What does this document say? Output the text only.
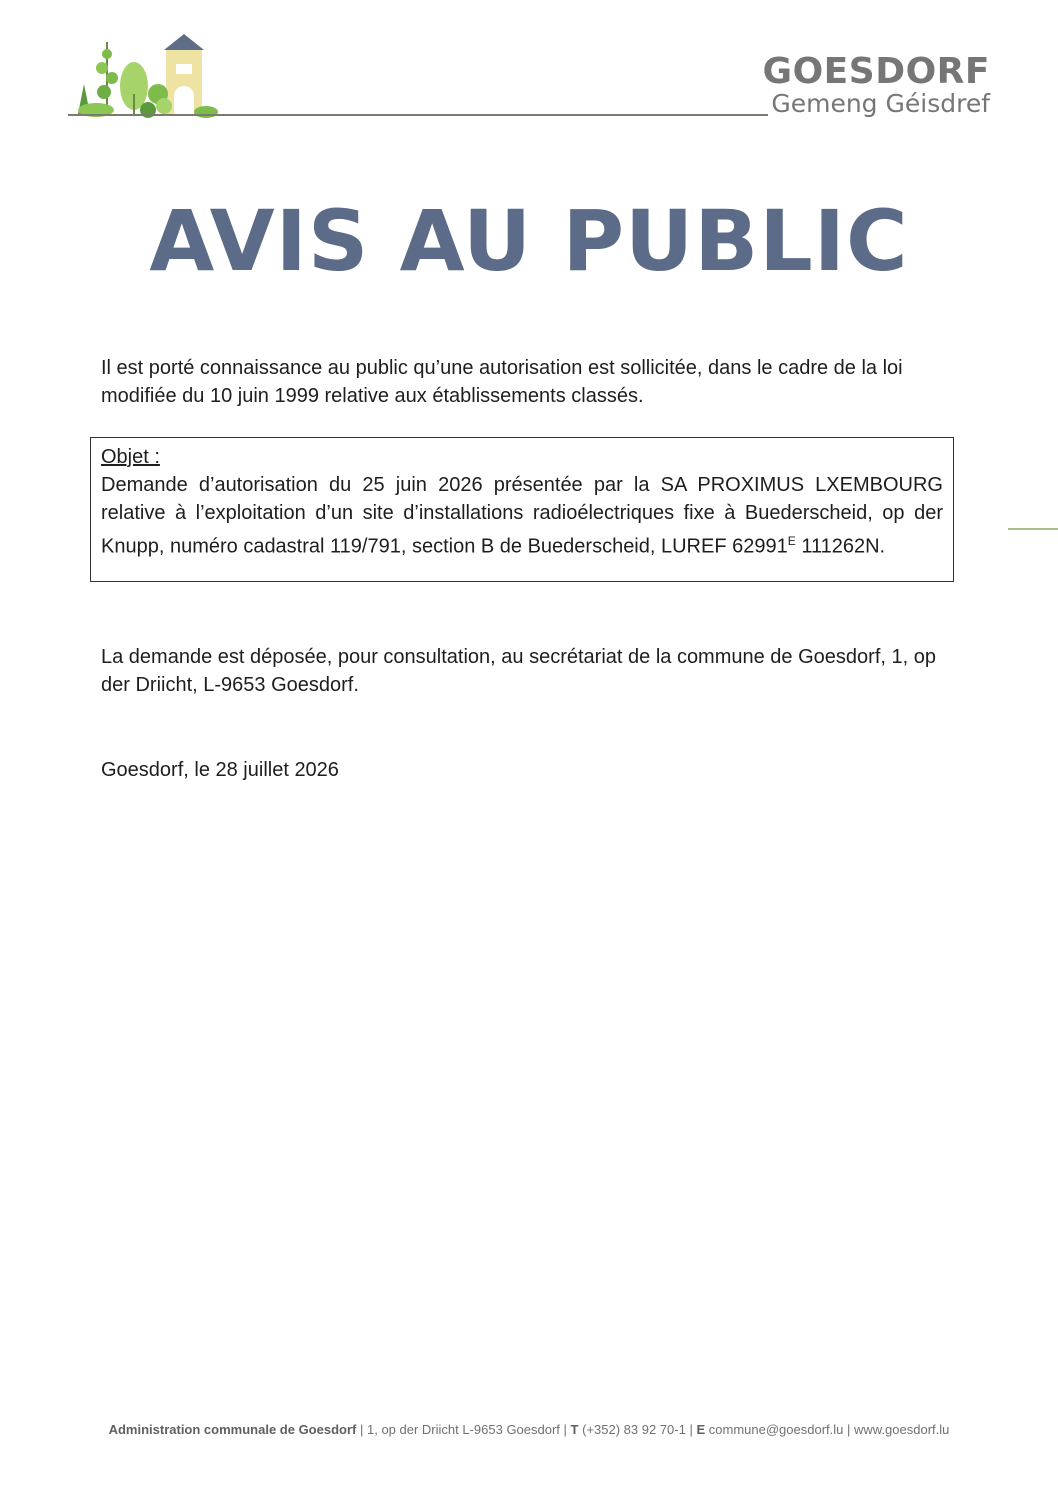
GOESDORF
Gemeng Géisdref
AVIS AU PUBLIC
Il est porté connaissance au public qu’une autorisation est sollicitée, dans le cadre de la loi modifiée du 10 juin 1999 relative aux établissements classés.
Objet :
Demande d’autorisation du 25 juin 2026 présentée par la SA PROXIMUS LXEMBOURG relative à l’exploitation d’un site d’installations radioélectriques fixe à Buederscheid, op der Knupp, numéro cadastral 119/791, section B de Buederscheid, LUREF $62991^E$ 111262N.
La demande est déposée, pour consultation, au secrétariat de la commune de Goesdorf, 1, op der Driicht, L-9653 Goesdorf.
Goesdorf, le 28 juillet 2026
Administration communale de Goesdorf | 1, op der Driicht L-9653 Goesdorf | T (+352) 83 92 70-1 | E commune@goesdorf.lu | www.goesdorf.lu
